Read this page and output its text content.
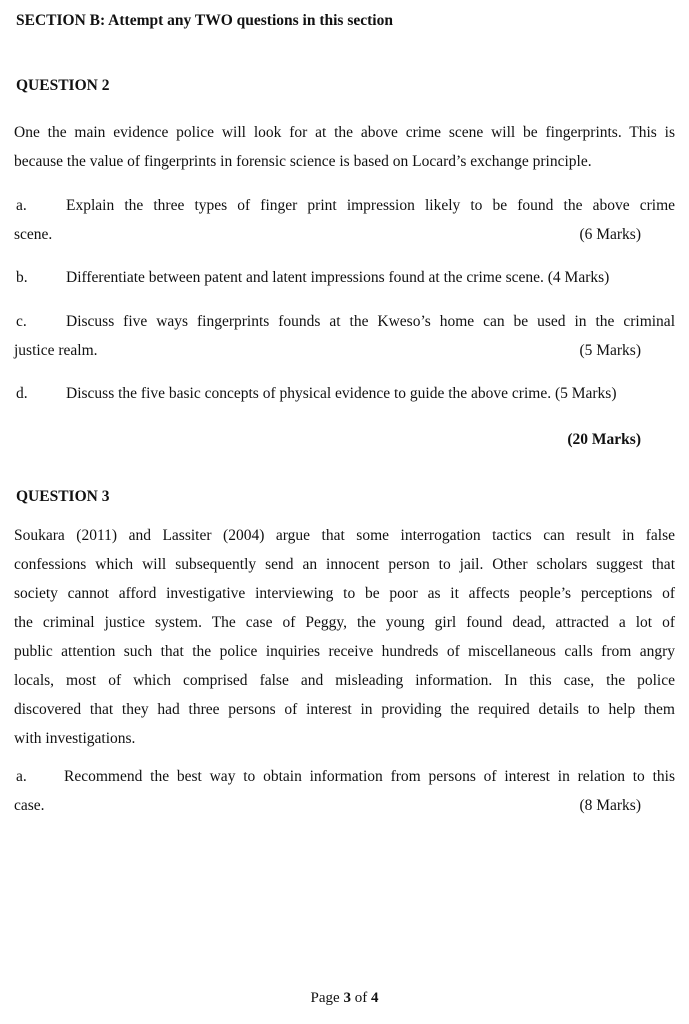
SECTION B: Attempt any TWO questions in this section
QUESTION 2
One the main evidence police will look for at the above crime scene will be fingerprints. This is
because the value of fingerprints in forensic science is based on Locard’s exchange principle.
a.	Explain the three types of finger print impression likely to be found the above crime
scene.	(6 Marks)
b. Differentiate between patent and latent impressions found at the crime scene. (4 Marks)
c.	Discuss five ways fingerprints founds at the Kweso’s home can be used in the criminal
justice realm.	(5 Marks)
d. Discuss the five basic concepts of physical evidence to guide the above crime. (5 Marks)
(20 Marks)
QUESTION 3
Soukara (2011) and Lassiter (2004) argue that some interrogation tactics can result in false
confessions which will subsequently send an innocent person to jail. Other scholars suggest that
society cannot afford investigative interviewing to be poor as it affects people’s perceptions of
the criminal justice system. The case of Peggy, the young girl found dead, attracted a lot of
public attention such that the police inquiries receive hundreds of miscellaneous calls from angry
locals, most of which comprised false and misleading information. In this case, the police
discovered that they had three persons of interest in providing the required details to help them
with investigations.
a. Recommend the best way to obtain information from persons of interest in relation to this
case.	(8 Marks)
Page 3 of 4
